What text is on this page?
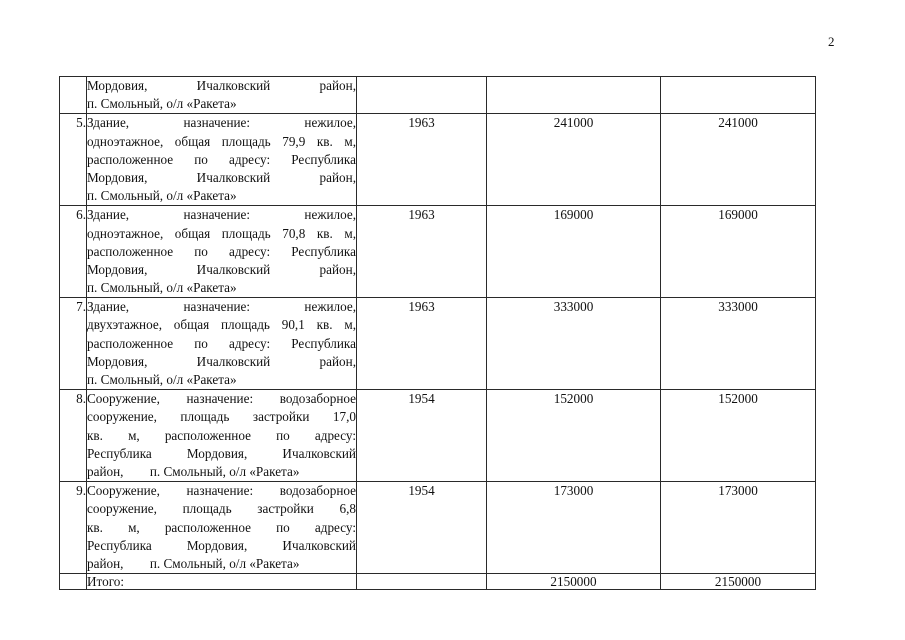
2

	Мордовия,     Ичалковский     район,
п. Смольный, о/л «Ракета»			

5.	Здание,    назначение:    нежилое,
одноэтажное, общая площадь 79,9 кв. м,
расположенное по адресу: Республика
Мордовия,     Ичалковский     район,
п. Смольный, о/л «Ракета»	1963	241000	241000
6.	Здание,    назначение:    нежилое,
одноэтажное, общая площадь 70,8 кв. м,
расположенное по адресу: Республика
Мордовия,     Ичалковский     район,
п. Смольный, о/л «Ракета»	1963	169000	169000
7.	Здание,    назначение:    нежилое,
двухэтажное, общая площадь 90,1 кв. м,
расположенное по адресу: Республика
Мордовия,     Ичалковский     район,
п. Смольный, о/л «Ракета»	1963	333000	333000
8.	Сооружение, назначение: водозаборное
сооружение, площадь застройки 17,0
кв.  м,  расположенное  по  адресу:
Республика Мордовия, Ичалковский
район,        п. Смольный, о/л «Ракета»	1954	152000	152000
9.	Сооружение, назначение: водозаборное
сооружение, площадь застройки 6,8
кв.  м,  расположенное  по  адресу:
Республика Мордовия, Ичалковский
район,        п. Смольный, о/л «Ракета»	1954	173000	173000
	Итого:		2150000	2150000
